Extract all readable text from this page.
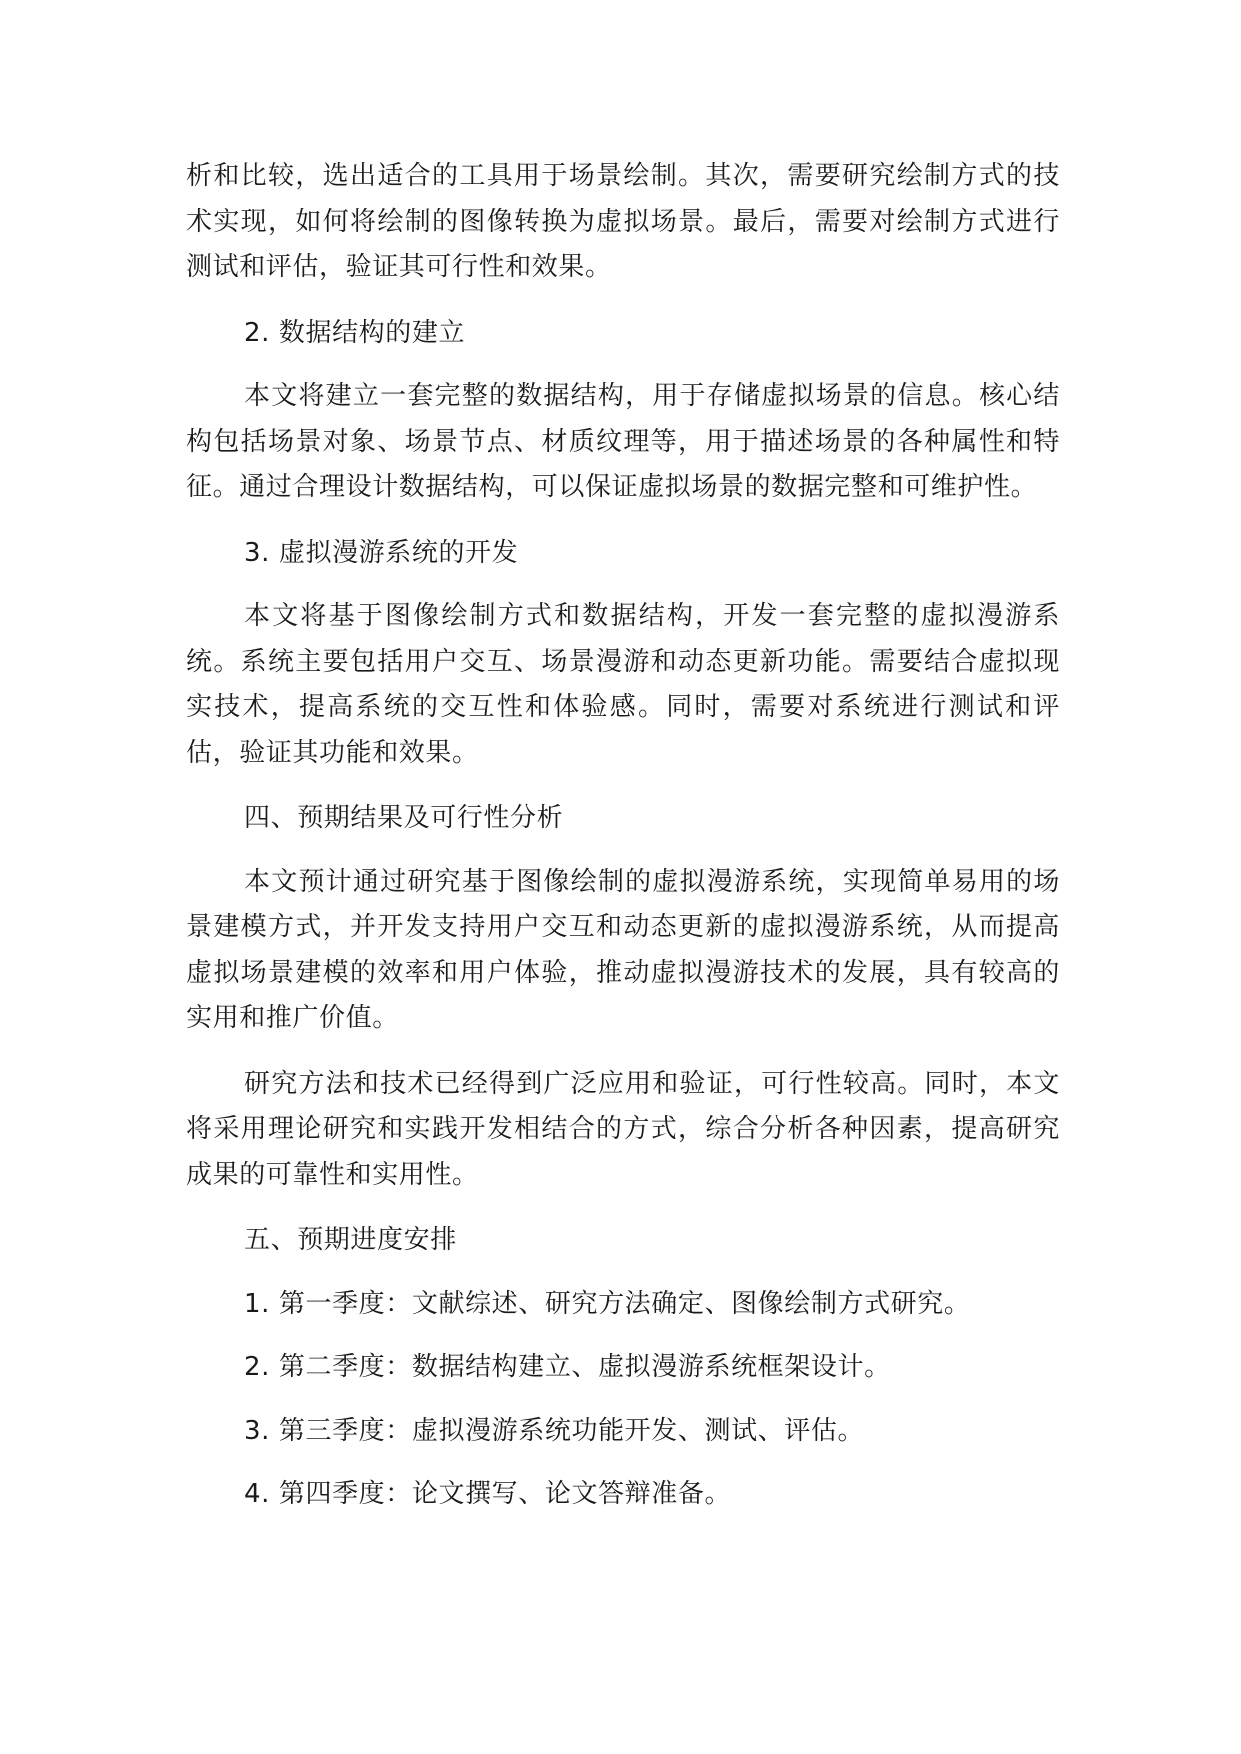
析和比较，选出适合的工具用于场景绘制。其次，需要研究绘制方式的技术实现，如何将绘制的图像转换为虚拟场景。最后，需要对绘制方式进行测试和评估，验证其可行性和效果。

2. 数据结构的建立

本文将建立一套完整的数据结构，用于存储虚拟场景的信息。核心结构包括场景对象、场景节点、材质纹理等，用于描述场景的各种属性和特征。通过合理设计数据结构，可以保证虚拟场景的数据完整和可维护性。

3. 虚拟漫游系统的开发

本文将基于图像绘制方式和数据结构，开发一套完整的虚拟漫游系统。系统主要包括用户交互、场景漫游和动态更新功能。需要结合虚拟现实技术，提高系统的交互性和体验感。同时，需要对系统进行测试和评估，验证其功能和效果。

四、预期结果及可行性分析

本文预计通过研究基于图像绘制的虚拟漫游系统，实现简单易用的场景建模方式，并开发支持用户交互和动态更新的虚拟漫游系统，从而提高虚拟场景建模的效率和用户体验，推动虚拟漫游技术的发展，具有较高的实用和推广价值。

研究方法和技术已经得到广泛应用和验证，可行性较高。同时，本文将采用理论研究和实践开发相结合的方式，综合分析各种因素，提高研究成果的可靠性和实用性。

五、预期进度安排

1. 第一季度：文献综述、研究方法确定、图像绘制方式研究。

2. 第二季度：数据结构建立、虚拟漫游系统框架设计。

3. 第三季度：虚拟漫游系统功能开发、测试、评估。

4. 第四季度：论文撰写、论文答辩准备。
